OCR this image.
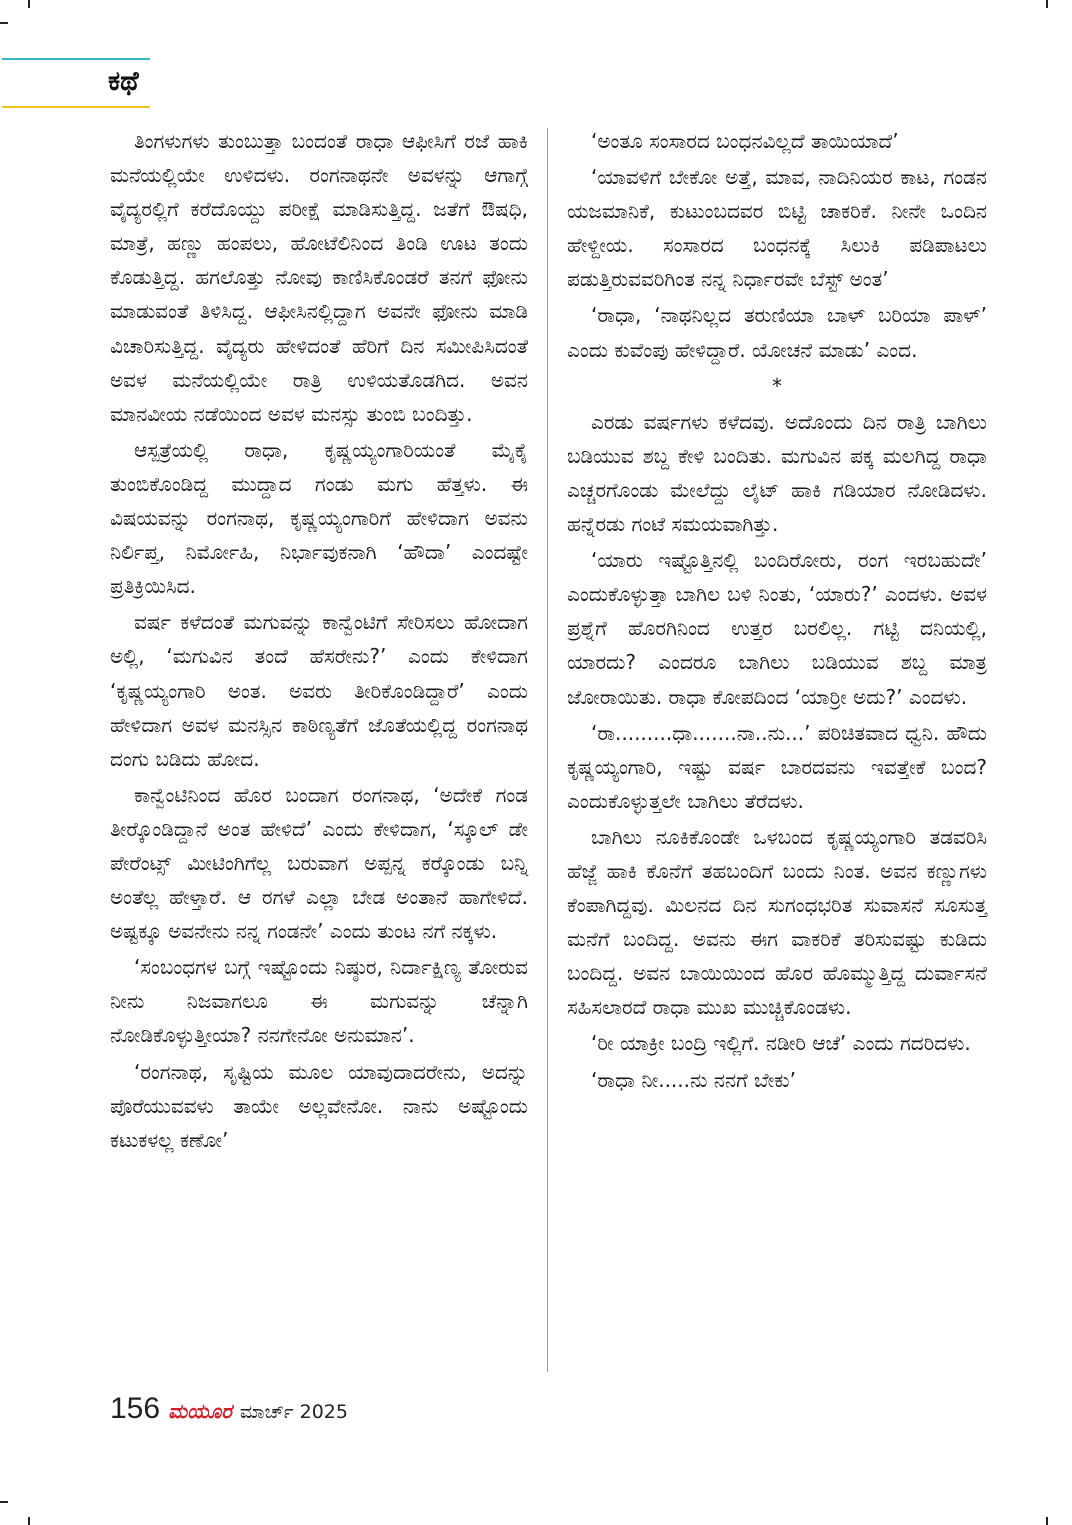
ಕಥೆ

ತಿಂಗಳುಗಳು ತುಂಬುತ್ತಾ ಬಂದಂತೆ ರಾಧಾ ಆಫೀಸಿಗೆ ರಜೆ ಹಾಕಿ ಮನೆಯಲ್ಲಿಯೇ ಉಳಿದಳು. ರಂಗನಾಥನೇ ಅವಳನ್ನು ಆಗಾಗ್ಗೆ ವೈದ್ಯರಲ್ಲಿಗೆ ಕರೆದೊಯ್ದು ಪರೀಕ್ಷೆ ಮಾಡಿಸುತ್ತಿದ್ದ. ಜತೆಗೆ ಔಷಧಿ, ಮಾತ್ರೆ, ಹಣ್ಣು ಹಂಪಲು, ಹೋಟೆಲಿನಿಂದ ತಿಂಡಿ ಊಟ ತಂದು ಕೊಡುತ್ತಿದ್ದ. ಹಗಲೊತ್ತು ನೋವು ಕಾಣಿಸಿಕೊಂಡರೆ ತನಗೆ ಫೋನು ಮಾಡುವಂತೆ ತಿಳಿಸಿದ್ದ. ಆಫೀಸಿನಲ್ಲಿದ್ದಾಗ ಅವನೇ ಫೋನು ಮಾಡಿ ವಿಚಾರಿಸುತ್ತಿದ್ದ. ವೈದ್ಯರು ಹೇಳಿದಂತೆ ಹೆರಿಗೆ ದಿನ ಸಮೀಪಿಸಿದಂತೆ ಅವಳ ಮನೆಯಲ್ಲಿಯೇ ರಾತ್ರಿ ಉಳಿಯತೊಡಗಿದ. ಅವನ ಮಾನವೀಯ ನಡೆಯಿಂದ ಅವಳ ಮನಸ್ಸು ತುಂಬಿ ಬಂದಿತ್ತು.

ಆಸ್ಪತ್ರೆಯಲ್ಲಿ ರಾಧಾ, ಕೃಷ್ಣಯ್ಯಂಗಾರಿಯಂತೆ ಮೈಕೈ ತುಂಬಿಕೊಂಡಿದ್ದ ಮುದ್ದಾದ ಗಂಡು ಮಗು ಹೆತ್ತಳು. ಈ ವಿಷಯವನ್ನು ರಂಗನಾಥ, ಕೃಷ್ಣಯ್ಯಂಗಾರಿಗೆ ಹೇಳಿದಾಗ ಅವನು ನಿರ್ಲಿಪ್ತ, ನಿರ್ಮೋಹಿ, ನಿರ್ಭಾವುಕನಾಗಿ ‘ಹೌದಾ’ ಎಂದಷ್ಟೇ ಪ್ರತಿಕ್ರಿಯಿಸಿದ.

ವರ್ಷ ಕಳೆದಂತೆ ಮಗುವನ್ನು ಕಾನ್ವೆಂಟಿಗೆ ಸೇರಿಸಲು ಹೋದಾಗ ಅಲ್ಲಿ, ‘ಮಗುವಿನ ತಂದೆ ಹೆಸರೇನು?’ ಎಂದು ಕೇಳಿದಾಗ ‘ಕೃಷ್ಣಯ್ಯಂಗಾರಿ ಅಂತ. ಅವರು ತೀರಿಕೊಂಡಿದ್ದಾರೆ’ ಎಂದು ಹೇಳಿದಾಗ ಅವಳ ಮನಸ್ಸಿನ ಕಾಠಿಣ್ಯತೆಗೆ ಜೊತೆಯಲ್ಲಿದ್ದ ರಂಗನಾಥ ದಂಗು ಬಡಿದು ಹೋದ.

ಕಾನ್ವೆಂಟಿನಿಂದ ಹೊರ ಬಂದಾಗ ರಂಗನಾಥ, ‘ಅದೇಕೆ ಗಂಡ ತೀರ್‍ಕೊಂಡಿದ್ದಾನೆ ಅಂತ ಹೇಳಿದೆ’ ಎಂದು ಕೇಳಿದಾಗ, ‘ಸ್ಕೂಲ್ ಡೇ ಪೇರೆಂಟ್ಸ್ ಮೀಟಿಂಗಿಗೆಲ್ಲ ಬರುವಾಗ ಅಪ್ಪನ್ನ ಕರ್‍ಕೊಂಡು ಬನ್ನಿ ಅಂತೆಲ್ಲ ಹೇಳ್ತಾರೆ. ಆ ರಗಳೆ ಎಲ್ಲಾ ಬೇಡ ಅಂತಾನೆ ಹಾಗೇಳಿದೆ. ಅಷ್ಟಕ್ಕೂ ಅವನೇನು ನನ್ನ ಗಂಡನೇ’ ಎಂದು ತುಂಟ ನಗೆ ನಕ್ಕಳು.

‘ಸಂಬಂಧಗಳ ಬಗ್ಗೆ ಇಷ್ಟೊಂದು ನಿಷ್ಠುರ, ನಿರ್ದಾಕ್ಷಿಣ್ಯ ತೋರುವ ನೀನು ನಿಜವಾಗಲೂ ಈ ಮಗುವನ್ನು ಚೆನ್ನಾಗಿ ನೋಡಿಕೊಳ್ಳುತ್ತೀಯಾ? ನನಗೇನೋ ಅನುಮಾನ’.

‘ರಂಗನಾಥ, ಸೃಷ್ಟಿಯ ಮೂಲ ಯಾವುದಾದರೇನು, ಅದನ್ನು ಪೊರೆಯುವವಳು ತಾಯೇ ಅಲ್ಲವೇನೋ. ನಾನು ಅಷ್ಟೊಂದು ಕಟುಕಳಲ್ಲ ಕಣೋ’

‘ಅಂತೂ ಸಂಸಾರದ ಬಂಧನವಿಲ್ಲದೆ ತಾಯಿಯಾದೆ’

‘ಯಾವಳಿಗೆ ಬೇಕೋ ಅತ್ತೆ, ಮಾವ, ನಾದಿನಿಯರ ಕಾಟ, ಗಂಡನ ಯಜಮಾನಿಕೆ, ಕುಟುಂಬದವರ ಬಿಟ್ಟಿ ಚಾಕರಿಕೆ. ನೀನೇ ಒಂದಿನ ಹೇಳ್ದೀಯ. ಸಂಸಾರದ ಬಂಧನಕ್ಕೆ ಸಿಲುಕಿ ಪಡಿಪಾಟಲು ಪಡುತ್ತಿರುವವರಿಗಿಂತ ನನ್ನ ನಿರ್ಧಾರವೇ ಬೆಸ್ಟ್ ಅಂತ’

‘ರಾಧಾ, ‘ನಾಥನಿಲ್ಲದ ತರುಣಿಯಾ ಬಾಳ್ ಬರಿಯಾ ಪಾಳ್’ ಎಂದು ಕುವೆಂಪು ಹೇಳಿದ್ದಾರೆ. ಯೋಚನೆ ಮಾಡು’ ಎಂದ.

*

ಎರಡು ವರ್ಷಗಳು ಕಳೆದವು. ಅದೊಂದು ದಿನ ರಾತ್ರಿ ಬಾಗಿಲು ಬಡಿಯುವ ಶಬ್ದ ಕೇಳಿ ಬಂದಿತು. ಮಗುವಿನ ಪಕ್ಕ ಮಲಗಿದ್ದ ರಾಧಾ ಎಚ್ಚರಗೊಂಡು ಮೇಲೆದ್ದು ಲೈಟ್ ಹಾಕಿ ಗಡಿಯಾರ ನೋಡಿದಳು. ಹನ್ನೆರಡು ಗಂಟೆ ಸಮಯವಾಗಿತ್ತು.

‘ಯಾರು ಇಷ್ಟೊತ್ತಿನಲ್ಲಿ ಬಂದಿರೋರು, ರಂಗ ಇರಬಹುದೇ’ ಎಂದುಕೊಳ್ಳುತ್ತಾ ಬಾಗಿಲ ಬಳಿ ನಿಂತು, ‘ಯಾರು?’ ಎಂದಳು. ಅವಳ ಪ್ರಶ್ನೆಗೆ ಹೊರಗಿನಿಂದ ಉತ್ತರ ಬರಲಿಲ್ಲ. ಗಟ್ಟಿ ದನಿಯಲ್ಲಿ, ಯಾರದು? ಎಂದರೂ ಬಾಗಿಲು ಬಡಿಯುವ ಶಬ್ದ ಮಾತ್ರ ಜೋರಾಯಿತು. ರಾಧಾ ಕೋಪದಿಂದ ‘ಯಾರ್‍ರೀ ಅದು?’ ಎಂದಳು.

‘ರಾ.........ಧಾ.......ನಾ..ನು...’ ಪರಿಚಿತವಾದ ಧ್ವನಿ. ಹೌದು ಕೃಷ್ಣಯ್ಯಂಗಾರಿ, ಇಷ್ಟು ವರ್ಷ ಬಾರದವನು ಇವತ್ತೇಕೆ ಬಂದ? ಎಂದುಕೊಳ್ಳುತ್ತಲೇ ಬಾಗಿಲು ತೆರೆದಳು.

ಬಾಗಿಲು ನೂಕಿಕೊಂಡೇ ಒಳಬಂದ ಕೃಷ್ಣಯ್ಯಂಗಾರಿ ತಡವರಿಸಿ ಹೆಜ್ಜೆ ಹಾಕಿ ಕೊನೆಗೆ ತಹಬಂದಿಗೆ ಬಂದು ನಿಂತ. ಅವನ ಕಣ್ಣುಗಳು ಕೆಂಪಾಗಿದ್ದವು. ಮಿಲನದ ದಿನ ಸುಗಂಧಭರಿತ ಸುವಾಸನೆ ಸೂಸುತ್ತ ಮನೆಗೆ ಬಂದಿದ್ದ. ಅವನು ಈಗ ವಾಕರಿಕೆ ತರಿಸುವಷ್ಟು ಕುಡಿದು ಬಂದಿದ್ದ. ಅವನ ಬಾಯಿಯಿಂದ ಹೊರ ಹೊಮ್ಮುತ್ತಿದ್ದ ದುರ್ವಾಸನೆ ಸಹಿಸಲಾರದೆ ರಾಧಾ ಮುಖ ಮುಚ್ಚಿಕೊಂಡಳು.

‘ರೀ ಯಾಕ್ರೀ ಬಂದ್ರಿ ಇಲ್ಲಿಗೆ. ನಡೀರಿ ಆಚೆ’ ಎಂದು ಗದರಿದಳು.

‘ರಾಧಾ ನೀ.....ನು ನನಗೆ ಬೇಕು’

156 ಮಯೂರ ಮಾರ್ಚ್ 2025
